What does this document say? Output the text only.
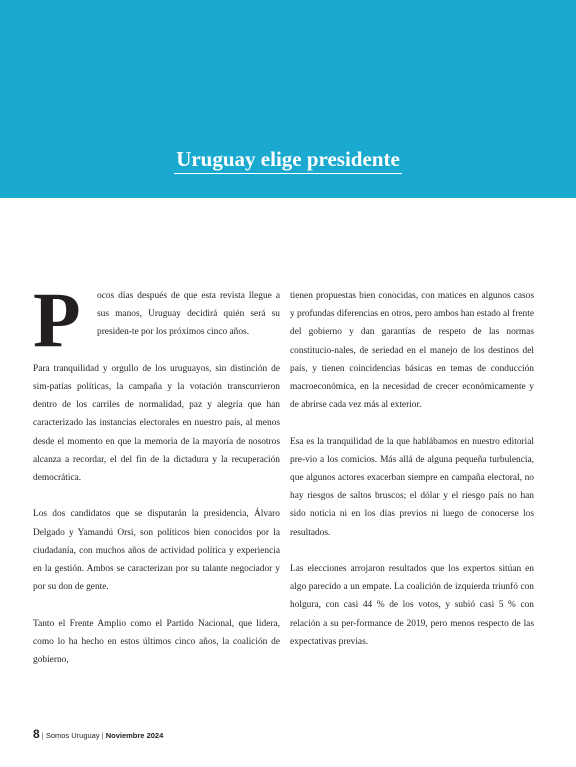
Uruguay elige presidente

P	ocos días después de que esta revista llegue a sus manos, Uruguay decidirá quién será su presiden-te por los próximos cinco años.

Para tranquilidad y orgullo de los uruguayos, sin distinción de sim-patías políticas, la campaña y la votación transcurrieron dentro de los carriles de normalidad, paz y alegría que han caracterizado las instancias electorales en nuestro país, al menos desde el momento en que la memoria de la mayoría de nosotros alcanza a recordar, el del fin de la dictadura y la recuperación democrática.

Los dos candidatos que se disputarán la presidencia, Álvaro Delgado y Yamandú Orsi, son políticos bien conocidos por la ciudadanía, con muchos años de actividad política y experiencia en la gestión. Ambos se caracterizan por su talante negociador y por su don de gente.

Tanto el Frente Amplio como el Partido Nacional, que lidera, como lo ha hecho en estos últimos cinco años, la coalición de gobierno,

tienen propuestas bien conocidas, con matices en algunos casos y profundas diferencias en otros, pero ambos han estado al frente del gobierno y dan garantías de respeto de las normas constitucio-nales, de seriedad en el manejo de los destinos del país, y tienen coincidencias básicas en temas de conducción macroeconómica, en la necesidad de crecer económicamente y de abrirse cada vez más al exterior.

Esa es la tranquilidad de la que hablábamos en nuestro editorial pre-vio a los comicios. Más allá de alguna pequeña turbulencia, que algunos actores exacerban siempre en campaña electoral, no hay riesgos de saltos bruscos; el dólar y el riesgo país no han sido noticia ni en los días previos ni luego de conocerse los resultados.

Las elecciones arrojaron resultados que los expertos sitúan en algo parecido a un empate. La coalición de izquierda triunfó con holgura, con casi 44 % de los votos, y subió casi 5 % con relación a su per-formance de 2019, pero menos respecto de las expectativas previas.

8 | Somos Uruguay | Noviembre 2024
